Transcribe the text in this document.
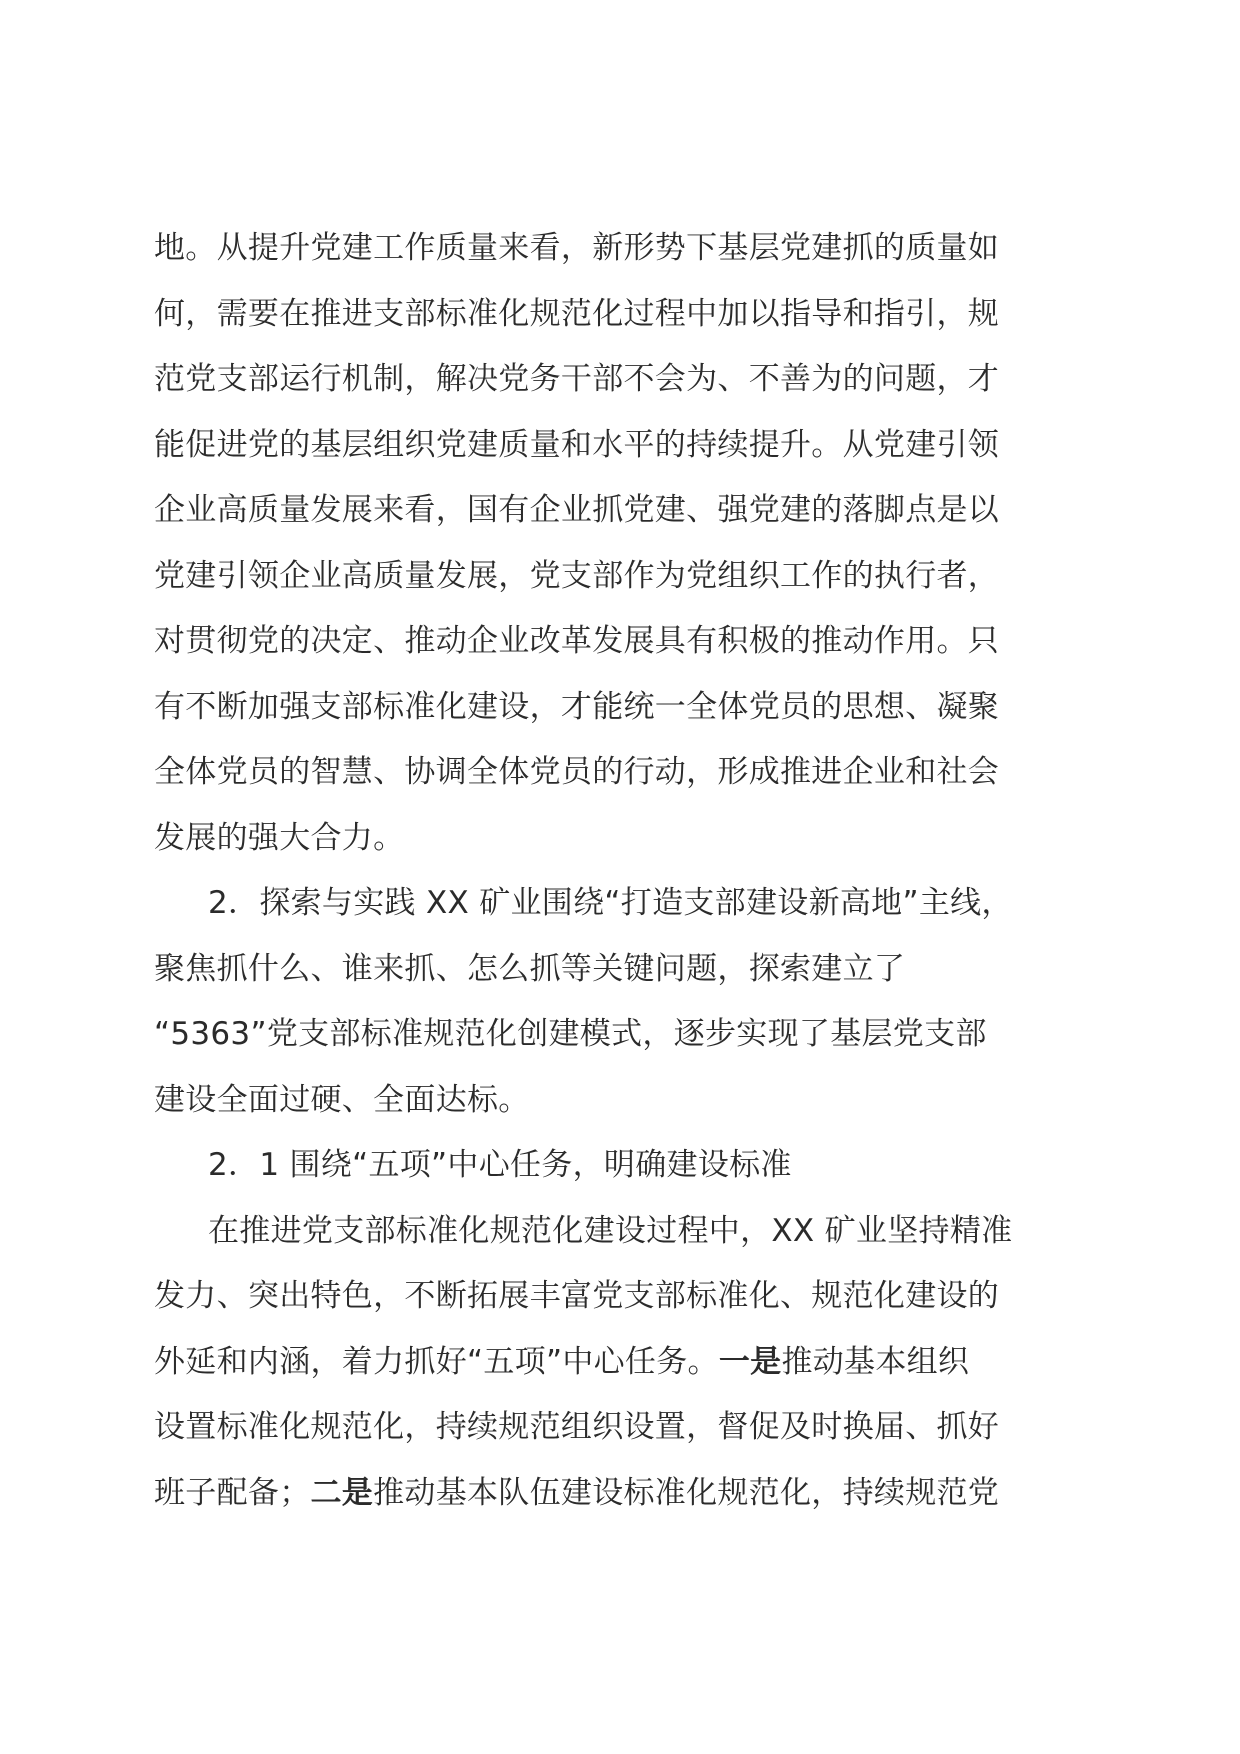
地。从提升党建工作质量来看，新形势下基层党建抓的质量如
何，需要在推进支部标准化规范化过程中加以指导和指引，规
范党支部运行机制，解决党务干部不会为、不善为的问题，才
能促进党的基层组织党建质量和水平的持续提升。从党建引领
企业高质量发展来看，国有企业抓党建、强党建的落脚点是以
党建引领企业高质量发展，党支部作为党组织工作的执行者，
对贯彻党的决定、推动企业改革发展具有积极的推动作用。只
有不断加强支部标准化建设，才能统一全体党员的思想、凝聚
全体党员的智慧、协调全体党员的行动，形成推进企业和社会
发展的强大合力。
2．探索与实践 XX 矿业围绕“打造支部建设新高地”主线，
聚焦抓什么、谁来抓、怎么抓等关键问题，探索建立了
“5363”党支部标准规范化创建模式，逐步实现了基层党支部
建设全面过硬、全面达标。
2．1 围绕“五项”中心任务，明确建设标准
在推进党支部标准化规范化建设过程中，XX 矿业坚持精准
发力、突出特色，不断拓展丰富党支部标准化、规范化建设的
外延和内涵，着力抓好“五项”中心任务。一是推动基本组织
设置标准化规范化，持续规范组织设置，督促及时换届、抓好
班子配备；二是推动基本队伍建设标准化规范化，持续规范党
